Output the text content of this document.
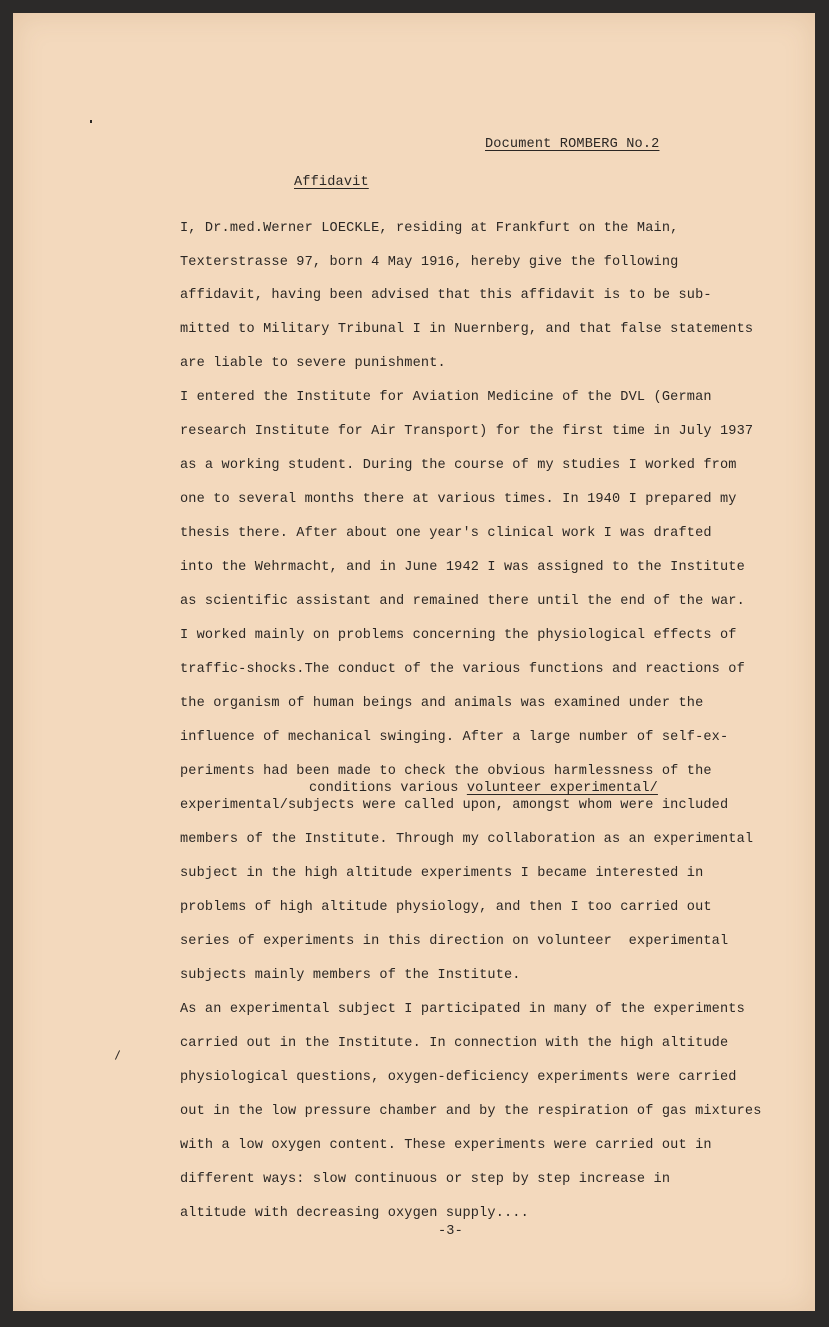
Document ROMBERG No.2

Affidavit

I, Dr.med.Werner LOECKLE, residing at Frankfurt on the Main,

Texterstrasse 97, born 4 May 1916, hereby give the following

affidavit, having been advised that this affidavit is to be sub-

mitted to Military Tribunal I in Nuernberg, and that false statements

are liable to severe punishment.

I entered the Institute for Aviation Medicine of the DVL (German

research Institute for Air Transport) for the first time in July 1937

as a working student. During the course of my studies I worked from

one to several months there at various times. In 1940 I prepared my

thesis there. After about one year's clinical work I was drafted

into the Wehrmacht, and in June 1942 I was assigned to the Institute

as scientific assistant and remained there until the end of the war.

I worked mainly on problems concerning the physiological effects of

traffic-shocks.The conduct of the various functions and reactions of

the organism of human beings and animals was examined under the

influence of mechanical swinging. After a large number of self-ex-

periments had been made to check the obvious harmlessness of the

conditions various volunteer experimental/

experimental/subjects were called upon, amongst whom were included

members of the Institute. Through my collaboration as an experimental

subject in the high altitude experiments I became interested in

problems of high altitude physiology, and then I too carried out

series of experiments in this direction on volunteer  experimental

subjects mainly members of the Institute.

As an experimental subject I participated in many of the experiments

carried out in the Institute. In connection with the high altitude

physiological questions, oxygen-deficiency experiments were carried

out in the low pressure chamber and by the respiration of gas mixtures

with a low oxygen content. These experiments were carried out in

different ways: slow continuous or step by step increase in

altitude with decreasing oxygen supply....

-3-
